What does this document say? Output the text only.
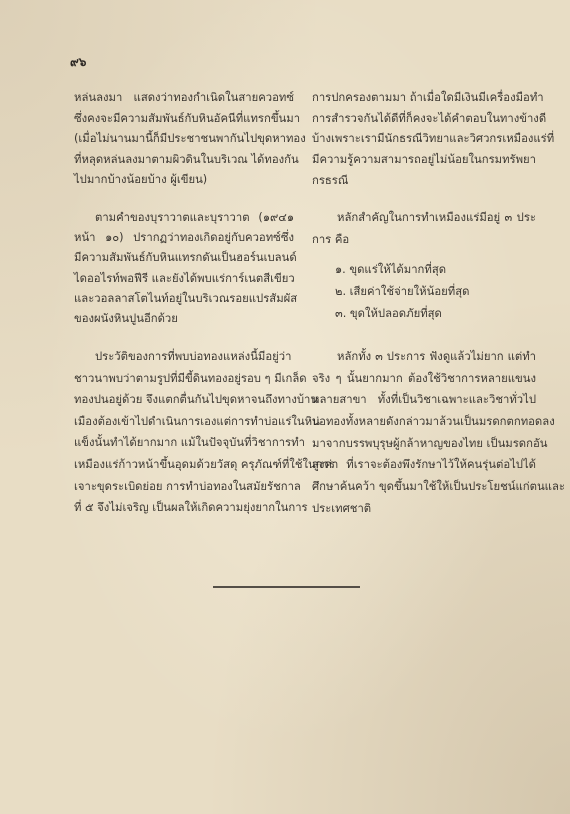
๙๖
หล่นลงมา แสดงว่าทองกำเนิดในสายควอทซ์
ซึ่งคงจะมีความสัมพันธ์กับหินอัคนีที่แทรกขึ้นมา
(เมื่อไม่นานมานี้ก็มีประชาชนพากันไปขุดหาทอง
ที่หลุดหล่นลงมาตามผิวดินในบริเวณ ได้ทองกัน
ไปมากบ้างน้อยบ้าง ผู้เขียน)
ตามคำของบุราวาตและบุราวาต (๑๙๔๑
หน้า ๑๐) ปรากฏว่าทองเกิดอยู่กับควอทซ์ซึ่ง
มีความสัมพันธ์กับหินแทรกดันเป็นฮอร์นเบลนด์
ไดออไรท์พอฟีรี และยังได้พบแร่การ์เนตสีเขียว
และวอลลาสโตไนท์อยู่ในบริเวณรอยแปรสัมผัส
ของผนังหินปูนอีกด้วย
ประวัติของการที่พบบ่อทองแหล่งนี้มีอยู่ว่า
ชาวนาพบว่าตามรูปที่มีขี้ดินทองอยู่รอบ ๆ มีเกล็ด
ทองปนอยู่ด้วย จึงแตกตื่นกันไปขุดหาจนถึงทางบ้าน
เมืองต้องเข้าไปดำเนินการเองแต่การทำบ่อแร่ในหิน
แข็งนั้นทำได้ยากมาก แม้ในปัจจุบันที่วิชาการทำ
เหมืองแร่ก้าวหน้าขึ้นอุดมด้วยวัสดุ ครุภัณฑ์ที่ใช้ในการ
เจาะขุดระเบิดย่อย การทำบ่อทองในสมัยรัชกาล
ที่ ๕ จึงไม่เจริญ เป็นผลให้เกิดความยุ่งยากในการ
การปกครองตามมา ถ้าเมื่อใดมีเงินมีเครื่องมือทำ
การสำรวจกันได้ดีที่ก็คงจะได้คำตอบในทางข้างดี
บ้างเพราะเรามีนักธรณีวิทยาและวิศวกรเหมืองแร่ที่
มีความรู้ความสามารถอยู่ไม่น้อยในกรมทรัพยา
กรธรณี
หลักสำคัญในการทำเหมืองแร่มีอยู่ ๓ ประ
การ คือ
๑. ขุดแร่ให้ได้มากที่สุด
๒. เสียค่าใช้จ่ายให้น้อยที่สุด
๓. ขุดให้ปลอดภัยที่สุด
หลักทั้ง ๓ ประการ ฟังดูแล้วไม่ยาก แต่ทำ
จริง ๆ นั้นยากมาก ต้องใช้วิชาการหลายแขนง
หลายสาขา ทั้งที่เป็นวิชาเฉพาะและวิชาทั่วไป
บ่อทองทั้งหลายดังกล่าวมาล้วนเป็นมรดกตกทอดลง
มาจากบรรพบุรุษผู้กล้าหาญของไทย เป็นมรดกอัน
สูงค่า ที่เราจะต้องพึงรักษาไว้ให้คนรุ่นต่อไปได้
ศึกษาค้นคว้า ขุดขึ้นมาใช้ให้เป็นประโยชน์แก่ตนและ
ประเทศชาติ
